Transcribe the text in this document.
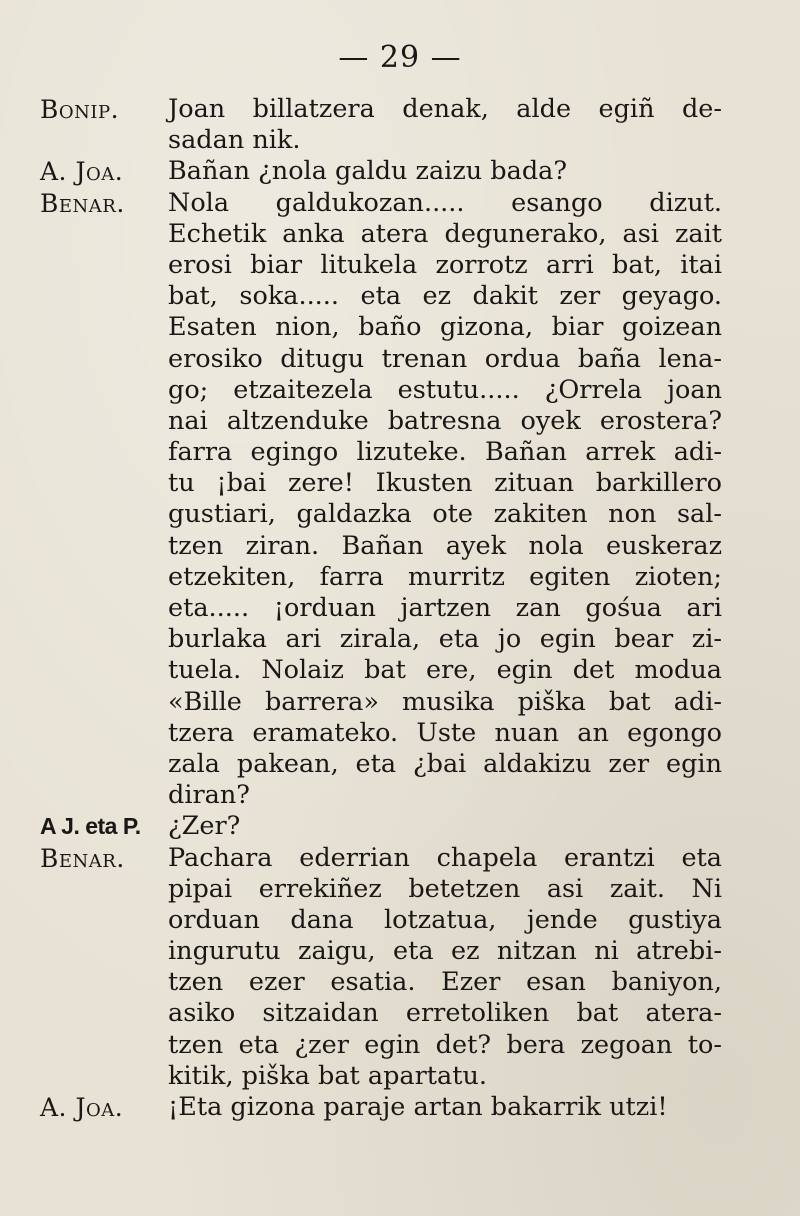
— 29 —
Bonip.	Joan billatzera denak, alde egiñ de-
sadan nik.
A. Joa.	Bañan ¿nola galdu zaizu bada?
Benar.	Nola galdukozan..... esango dizut.
Echetik anka atera degunerako, asi zait
erosi biar litukela zorrotz arri bat, itai
bat, soka..... eta ez dakit zer geyago.
Esaten nion, baño gizona, biar goizean
erosiko ditugu trenan ordua baña lena-
go; etzaitezela estutu..... ¿Orrela joan
nai altzenduke batresna oyek erostera?
farra egingo lizuteke. Bañan arrek adi-
tu ¡bai zere! Ikusten zituan barkillero
gustiari, galdazka ote zakiten non sal-
tzen ziran. Bañan ayek nola euskeraz
etzekiten, farra murritz egiten zioten;
eta..... ¡orduan jartzen zan gośua ari
burlaka ari zirala, eta jo egin bear zi-
tuela. Nolaiz bat ere, egin det modua
«Bille barrera» musika piška bat adi-
tzera eramateko. Uste nuan an egongo
zala pakean, eta ¿bai aldakizu zer egin
diran?
A J. eta P.	¿Zer?
Benar.	Pachara ederrian chapela erantzi eta
pipai errekiñez betetzen asi zait. Ni
orduan dana lotzatua, jende gustiya
ingurutu zaigu, eta ez nitzan ni atrebi-
tzen ezer esatia. Ezer esan baniyon,
asiko sitzaidan erretoliken bat atera-
tzen eta ¿zer egin det? bera zegoan to-
kitik, piška bat apartatu.
A. Joa.	¡Eta gizona paraje artan bakarrik utzi!
